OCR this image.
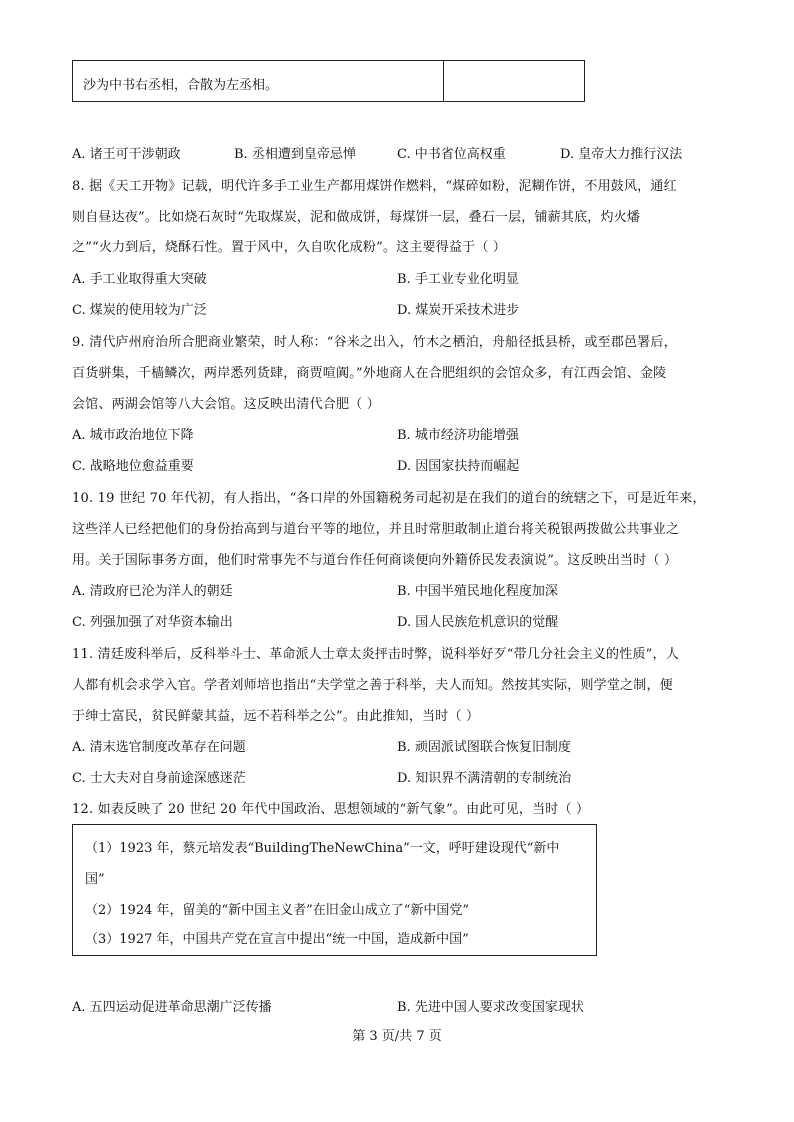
沙为中书右丞相，合散为左丞相。
A. 诸王可干涉朝政	B. 丞相遭到皇帝忌惮	C. 中书省位高权重	D. 皇帝大力推行汉法
8. 据《天工开物》记载，明代许多手工业生产都用煤饼作燃料，“煤碎如粉，泥糊作饼，不用鼓风，通红
则自昼达夜”。比如烧石灰时“先取煤炭，泥和做成饼，每煤饼一层，叠石一层，铺薪其底，灼火燔
之”“火力到后，烧酥石性。置于风中，久自吹化成粉”。这主要得益于（ ）
A. 手工业取得重大突破	B. 手工业专业化明显
C. 煤炭的使用较为广泛	D. 煤炭开采技术进步
9. 清代庐州府治所合肥商业繁荣，时人称：“谷米之出入，竹木之栖泊，舟船径抵县桥，或至郡邑署后，
百货骈集，千樯鳞次，两岸悉列货肆，商贾喧阗。”外地商人在合肥组织的会馆众多，有江西会馆、金陵
会馆、两湖会馆等八大会馆。这反映出清代合肥（ ）
A. 城市政治地位下降	B. 城市经济功能增强
C. 战略地位愈益重要	D. 因国家扶持而崛起
10. 19 世纪 70 年代初，有人指出，“各口岸的外国籍税务司起初是在我们的道台的统辖之下，可是近年来，
这些洋人已经把他们的身份抬高到与道台平等的地位，并且时常胆敢制止道台将关税银两拨做公共事业之
用。关于国际事务方面，他们时常事先不与道台作任何商谈便向外籍侨民发表演说”。这反映出当时（ ）
A. 清政府已沦为洋人的朝廷	B. 中国半殖民地化程度加深
C. 列强加强了对华资本输出	D. 国人民族危机意识的觉醒
11. 清廷废科举后，反科举斗士、革命派人士章太炎抨击时弊，说科举好歹“带几分社会主义的性质”，人
人都有机会求学入官。学者刘师培也指出“夫学堂之善于科举，夫人而知。然按其实际，则学堂之制，便
于绅士富民，贫民鲜蒙其益，远不若科举之公”。由此推知，当时（ ）
A. 清末选官制度改革存在问题	B. 顽固派试图联合恢复旧制度
C. 士大夫对自身前途深感迷茫	D. 知识界不满清朝的专制统治
12. 如表反映了 20 世纪 20 年代中国政治、思想领域的“新气象”。由此可见，当时（ ）
（1）1923 年，蔡元培发表“BuildingTheNewChina”一文，呼吁建设现代“新中
国”
（2）1924 年，留美的“新中国主义者”在旧金山成立了“新中国党”
（3）1927 年，中国共产党在宣言中提出“统一中国，造成新中国”
A. 五四运动促进革命思潮广泛传播	B. 先进中国人要求改变国家现状
第 3 页/共 7 页
